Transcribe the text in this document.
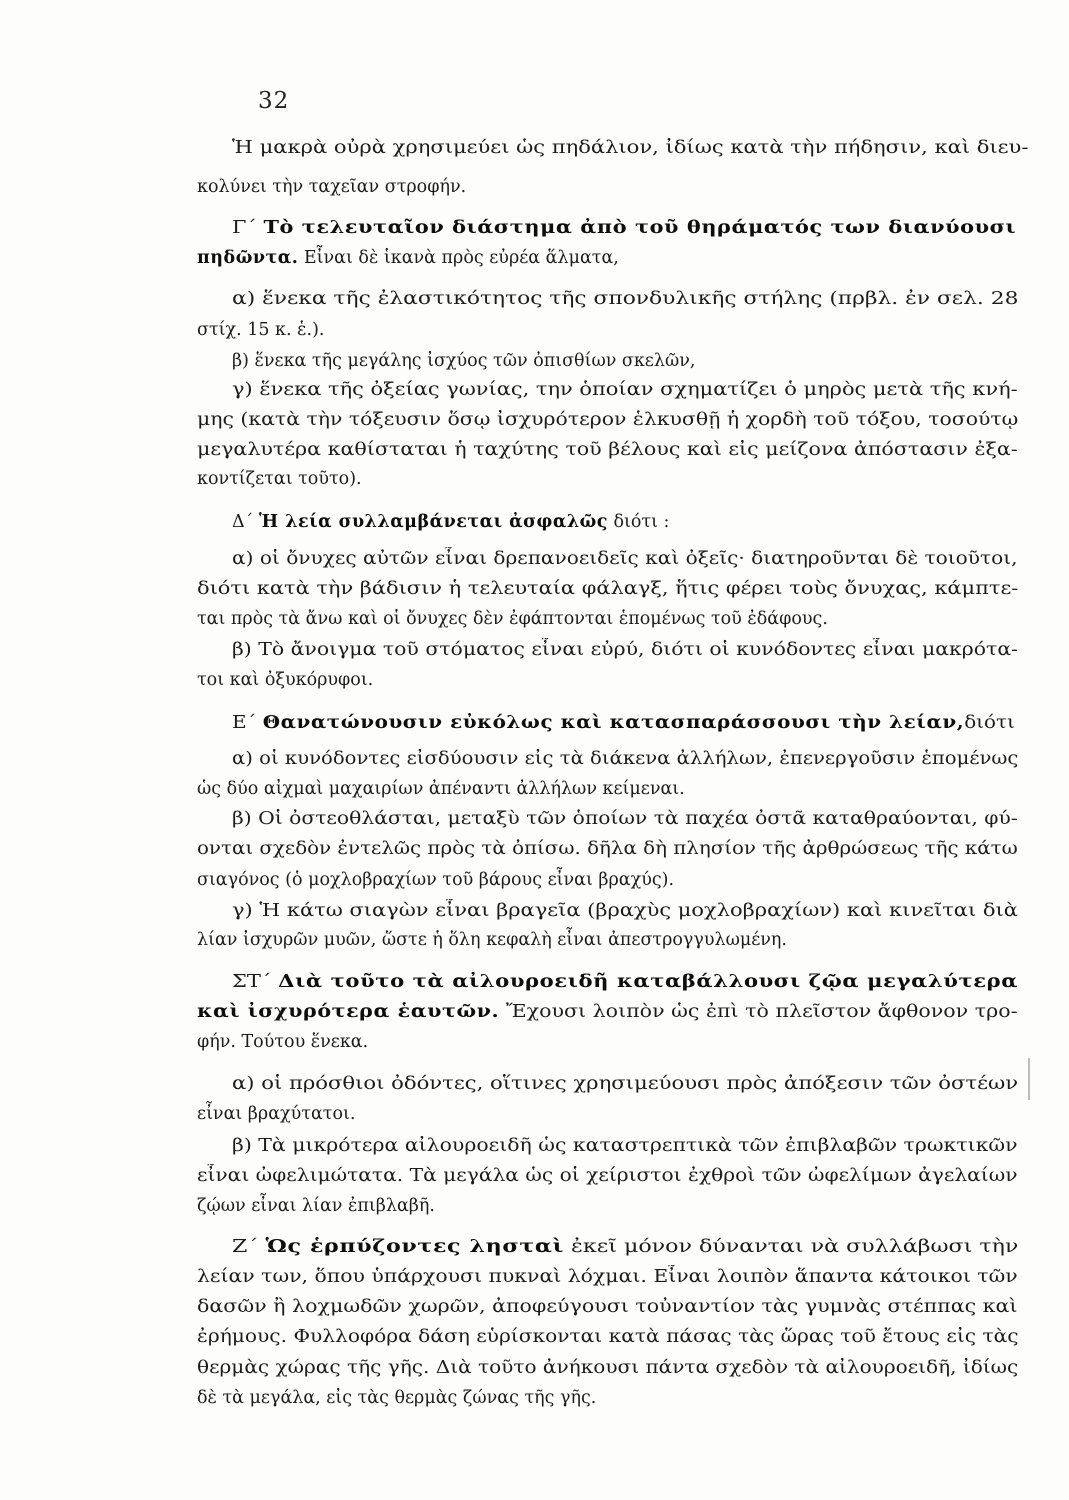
32
Ἡ μακρὰ οὐρὰ χρησιμεύει ὡς πηδάλιον, ἰδίως κατὰ τὴν πήδησιν, καὶ διευ-
κολύνει τὴν ταχεῖαν στροφήν.
Γ΄ Τὸ τελευταῖον διάστημα ἀπὸ τοῦ θηράματός των διανύουσι
πηδῶντα. Εἶναι δὲ ἱκανὰ πρὸς εὐρέα ἅλματα,
α) ἕνεκα τῆς ἐλαστικότητος τῆς σπονδυλικῆς στήλης (πρβλ. ἐν σελ. 28
στίχ. 15 κ. ἑ.).
β) ἕνεκα τῆς μεγάλης ἰσχύος τῶν ὀπισθίων σκελῶν,
γ) ἕνεκα τῆς ὀξείας γωνίας, την ὁποίαν σχηματίζει ὁ μηρὸς μετὰ τῆς κνή-
μης (κατὰ τὴν τόξευσιν ὅσῳ ἰσχυρότερον ἑλκυσθῇ ἡ χορδὴ τοῦ τόξου, τοσούτῳ
μεγαλυτέρα καθίσταται ἡ ταχύτης τοῦ βέλους καὶ εἰς μείζονα ἀπόστασιν ἐξα-
κοντίζεται τοῦτο).
Δ΄ Ἡ λεία συλλαμβάνεται ἀσφαλῶς διότι :
α) οἱ ὄνυχες αὐτῶν εἶναι δρεπανοειδεῖς καὶ ὀξεῖς· διατηροῦνται δὲ τοιοῦτοι,
διότι κατὰ τὴν βάδισιν ἡ τελευταία φάλαγξ, ἥτις φέρει τοὺς ὄνυχας, κάμπτε-
ται πρὸς τὰ ἄνω καὶ οἱ ὄνυχες δὲν ἐφάπτονται ἑπομένως τοῦ ἐδάφους.
β) Τὸ ἄνοιγμα τοῦ στόματος εἶναι εὐρύ, διότι οἱ κυνόδοντες εἶναι μακρότα-
τοι καὶ ὀξυκόρυφοι.
Ε΄ Θανατώνουσιν εὐκόλως καὶ κατασπαράσσουσι τὴν λείαν,διότι
α) οἱ κυνόδοντες εἰσδύουσιν εἰς τὰ διάκενα ἀλλήλων, ἐπενεργοῦσιν ἑπομένως
ὡς δύο αἰχμαὶ μαχαιρίων ἀπέναντι ἀλλήλων κείμεναι.
β) Οἱ ὀστεοθλάσται, μεταξὺ τῶν ὁποίων τὰ παχέα ὀστᾶ καταθραύονται, φύ-
ονται σχεδὸν ἐντελῶς πρὸς τὰ ὀπίσω. δῆλα δὴ πλησίον τῆς ἀρθρώσεως τῆς κάτω
σιαγόνος (ὁ μοχλοβραχίων τοῦ βάρους εἶναι βραχύς).
γ) Ἡ κάτω σιαγὼν εἶναι βραγεῖα (βραχὺς μοχλοβραχίων) καὶ κινεῖται διὰ
λίαν ἰσχυρῶν μυῶν, ὥστε ἡ ὅλη κεφαλὴ εἶναι ἀπεστρογγυλωμένη.
ΣΤ΄ Διὰ τοῦτο τὰ αἰλουροειδῆ καταβάλλουσι ζῷα μεγαλύτερα
καὶ ἰσχυρότερα ἑαυτῶν. Ἔχουσι λοιπὸν ὡς ἐπὶ τὸ πλεῖστον ἄφθονον τρο-
φήν. Τούτου ἕνεκα.
α) οἱ πρόσθιοι ὀδόντες, οἵτινες χρησιμεύουσι πρὸς ἀπόξεσιν τῶν ὀστέων
εἶναι βραχύτατοι.
β) Τὰ μικρότερα αἰλουροειδῆ ὡς καταστρεπτικὰ τῶν ἐπιβλαβῶν τρωκτικῶν
εἶναι ὠφελιμώτατα. Τὰ μεγάλα ὡς οἱ χείριστοι ἐχθροὶ τῶν ὠφελίμων ἀγελαίων
ζῴων εἶναι λίαν ἐπιβλαβῆ.
Ζ΄ Ὡς ἑρπύζοντες λησταὶ ἐκεῖ μόνον δύνανται νὰ συλλάβωσι τὴν
λείαν των, ὅπου ὑπάρχουσι πυκναὶ λόχμαι. Εἶναι λοιπὸν ἅπαντα κάτοικοι τῶν
δασῶν ἢ λοχμωδῶν χωρῶν, ἀποφεύγουσι τοὐναντίον τὰς γυμνὰς στέππας καὶ
ἐρήμους. Φυλλοφόρα δάση εὑρίσκονται κατὰ πάσας τὰς ὥρας τοῦ ἔτους εἰς τὰς
θερμὰς χώρας τῆς γῆς. Διὰ τοῦτο ἀνήκουσι πάντα σχεδὸν τὰ αἰλουροειδῆ, ἰδίως
δὲ τὰ μεγάλα, εἰς τὰς θερμὰς ζώνας τῆς γῆς.
